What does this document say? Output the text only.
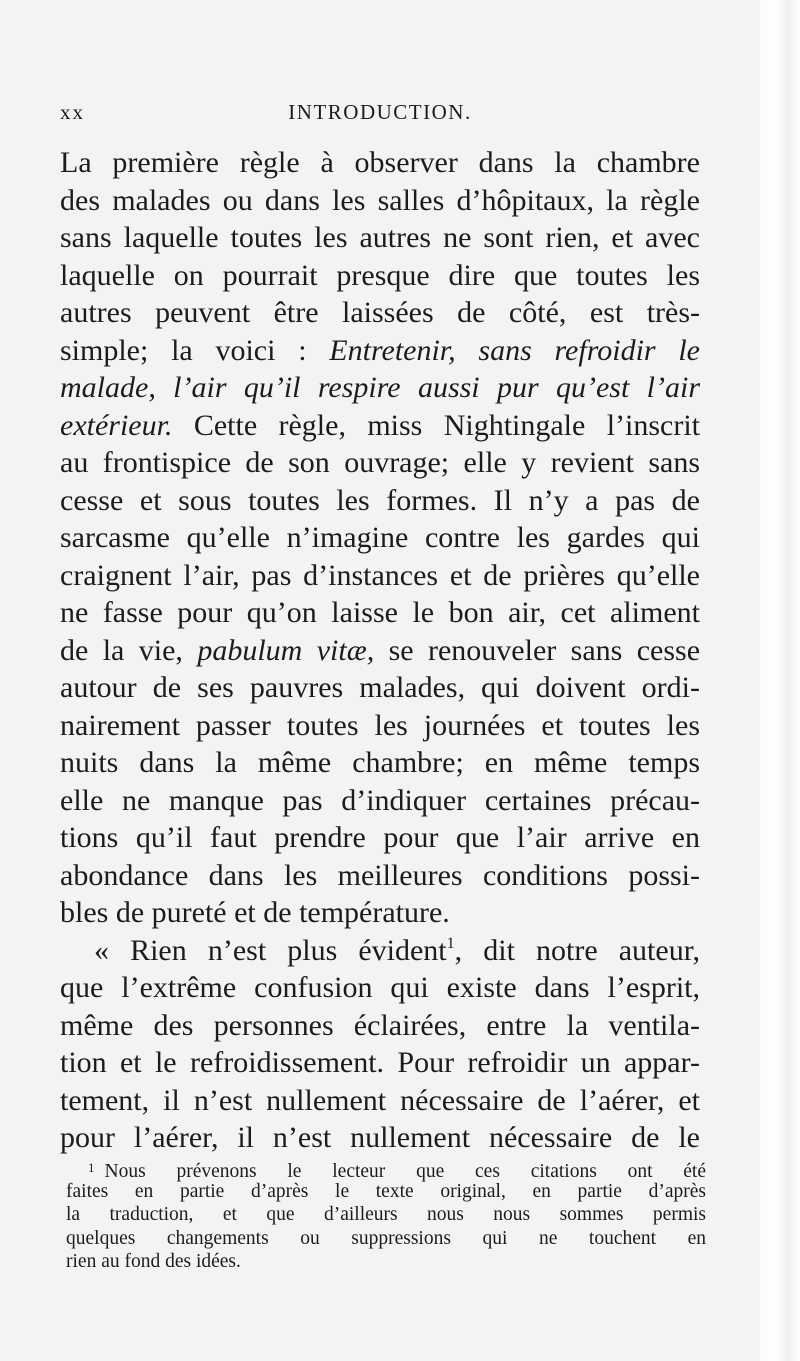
xx	INTRODUCTION.
La première règle à observer dans la chambre
des malades ou dans les salles d’hôpitaux, la règle
sans laquelle toutes les autres ne sont rien, et avec
laquelle on pourrait presque dire que toutes les
autres peuvent être laissées de côté, est très-
simple; la voici : Entretenir, sans refroidir le
malade, l’air qu’il respire aussi pur qu’est l’air
extérieur. Cette règle, miss Nightingale l’inscrit
au frontispice de son ouvrage; elle y revient sans
cesse et sous toutes les formes. Il n’y a pas de
sarcasme qu’elle n’imagine contre les gardes qui
craignent l’air, pas d’instances et de prières qu’elle
ne fasse pour qu’on laisse le bon air, cet aliment
de la vie, pabulum vitæ, se renouveler sans cesse
autour de ses pauvres malades, qui doivent ordi-
nairement passer toutes les journées et toutes les
nuits dans la même chambre; en même temps
elle ne manque pas d’indiquer certaines précau-
tions qu’il faut prendre pour que l’air arrive en
abondance dans les meilleures conditions possi-
bles de pureté et de température.
« Rien n’est plus évident$^1$, dit notre auteur,
que l’extrême confusion qui existe dans l’esprit,
même des personnes éclairées, entre la ventila-
tion et le refroidissement. Pour refroidir un appar-
tement, il n’est nullement nécessaire de l’aérer, et
pour l’aérer, il n’est nullement nécessaire de le
$^1$ Nous prévenons le lecteur que ces citations ont été
faites en partie d’après le texte original, en partie d’après
la traduction, et que d’ailleurs nous nous sommes permis
quelques changements ou suppressions qui ne touchent en
rien au fond des idées.
